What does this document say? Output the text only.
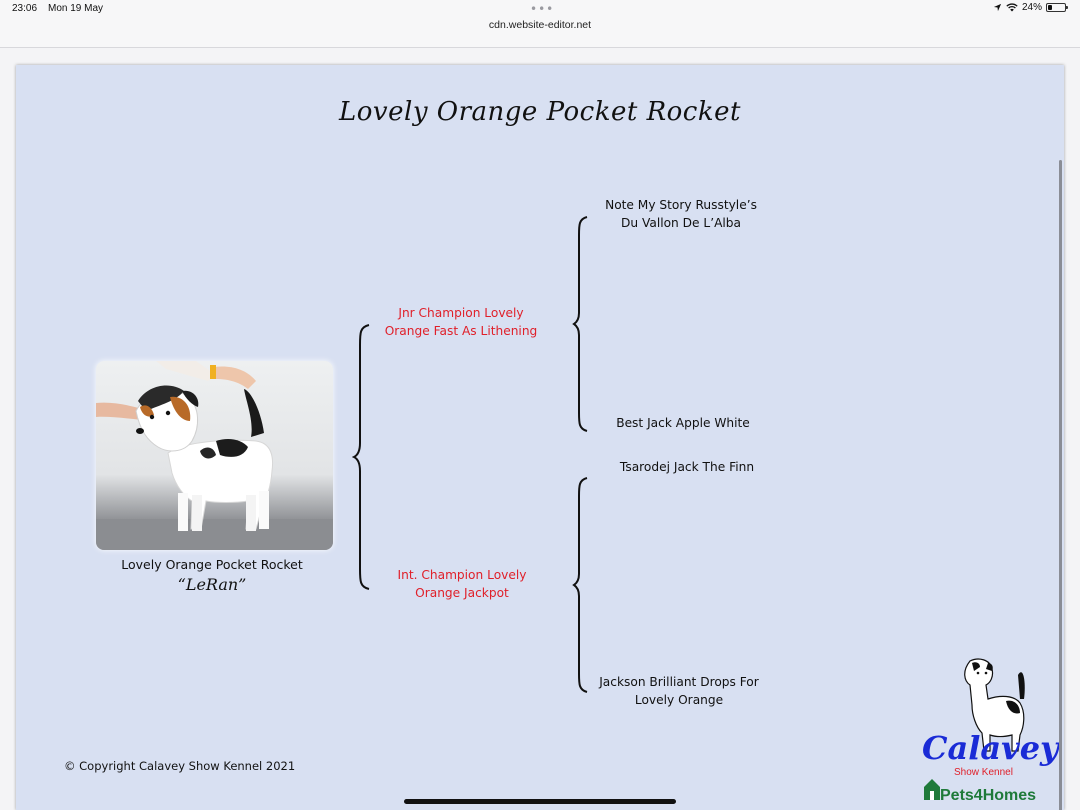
23:06 Mon 19 May	•••
cdn.website-editor.net
24%
Lovely Orange Pocket Rocket
Lovely Orange Pocket Rocket
“LeRan”
Jnr Champion Lovely
Orange Fast As Lithening
Int. Champion Lovely
Orange Jackpot
Note My Story Russtyle’s
Du Vallon De L’Alba
Best Jack Apple White
Tsarodej Jack The Finn
Jackson Brilliant Drops For
Lovely Orange
© Copyright Calavey Show Kennel 2021	Calavey
Show Kennel
Pets4Homes
